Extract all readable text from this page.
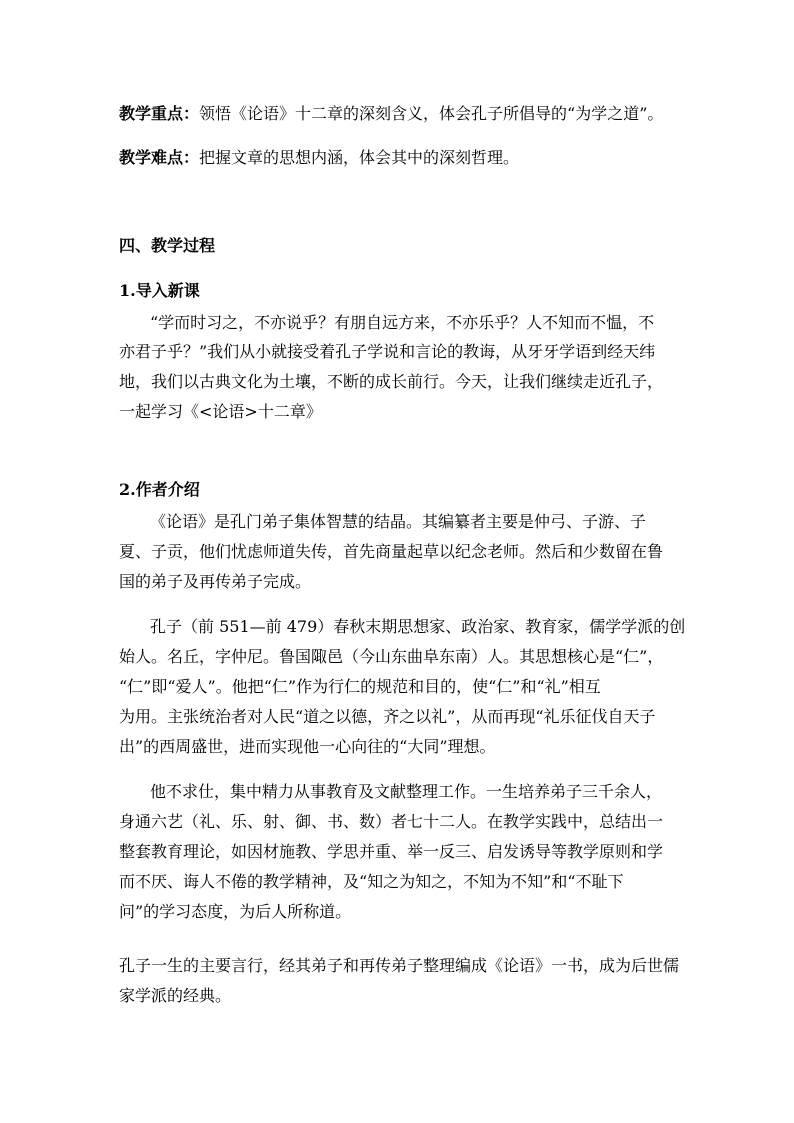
教学重点：领悟《论语》十二章的深刻含义，体会孔子所倡导的“为学之道”。
教学难点：把握文章的思想内涵，体会其中的深刻哲理。
四、教学过程
1.导入新课
“学而时习之，不亦说乎？有朋自远方来，不亦乐乎？人不知而不愠，不
亦君子乎？”我们从小就接受着孔子学说和言论的教诲，从牙牙学语到经天纬
地，我们以古典文化为土壤，不断的成长前行。今天，让我们继续走近孔子，
一起学习《<论语>十二章》
2.作者介绍
《论语》是孔门弟子集体智慧的结晶。其编纂者主要是仲弓、子游、子
夏、子贡，他们忧虑师道失传，首先商量起草以纪念老师。然后和少数留在鲁
国的弟子及再传弟子完成。
孔子（前 551—前 479）春秋末期思想家、政治家、教育家，儒学学派的创
始人。名丘，字仲尼。鲁国陬邑（今山东曲阜东南）人。其思想核心是“仁”，
“仁”即“爱人”。他把“仁”作为行仁的规范和目的，使“仁”和“礼”相互
为用。主张统治者对人民“道之以德，齐之以礼”，从而再现“礼乐征伐自天子
出”的西周盛世，进而实现他一心向往的“大同”理想。
他不求仕，集中精力从事教育及文献整理工作。一生培养弟子三千余人，
身通六艺（礼、乐、射、御、书、数）者七十二人。在教学实践中，总结出一
整套教育理论，如因材施教、学思并重、举一反三、启发诱导等教学原则和学
而不厌、诲人不倦的教学精神，及“知之为知之，不知为不知”和“不耻下
问”的学习态度，为后人所称道。
孔子一生的主要言行，经其弟子和再传弟子整理编成《论语》一书，成为后世儒
家学派的经典。
